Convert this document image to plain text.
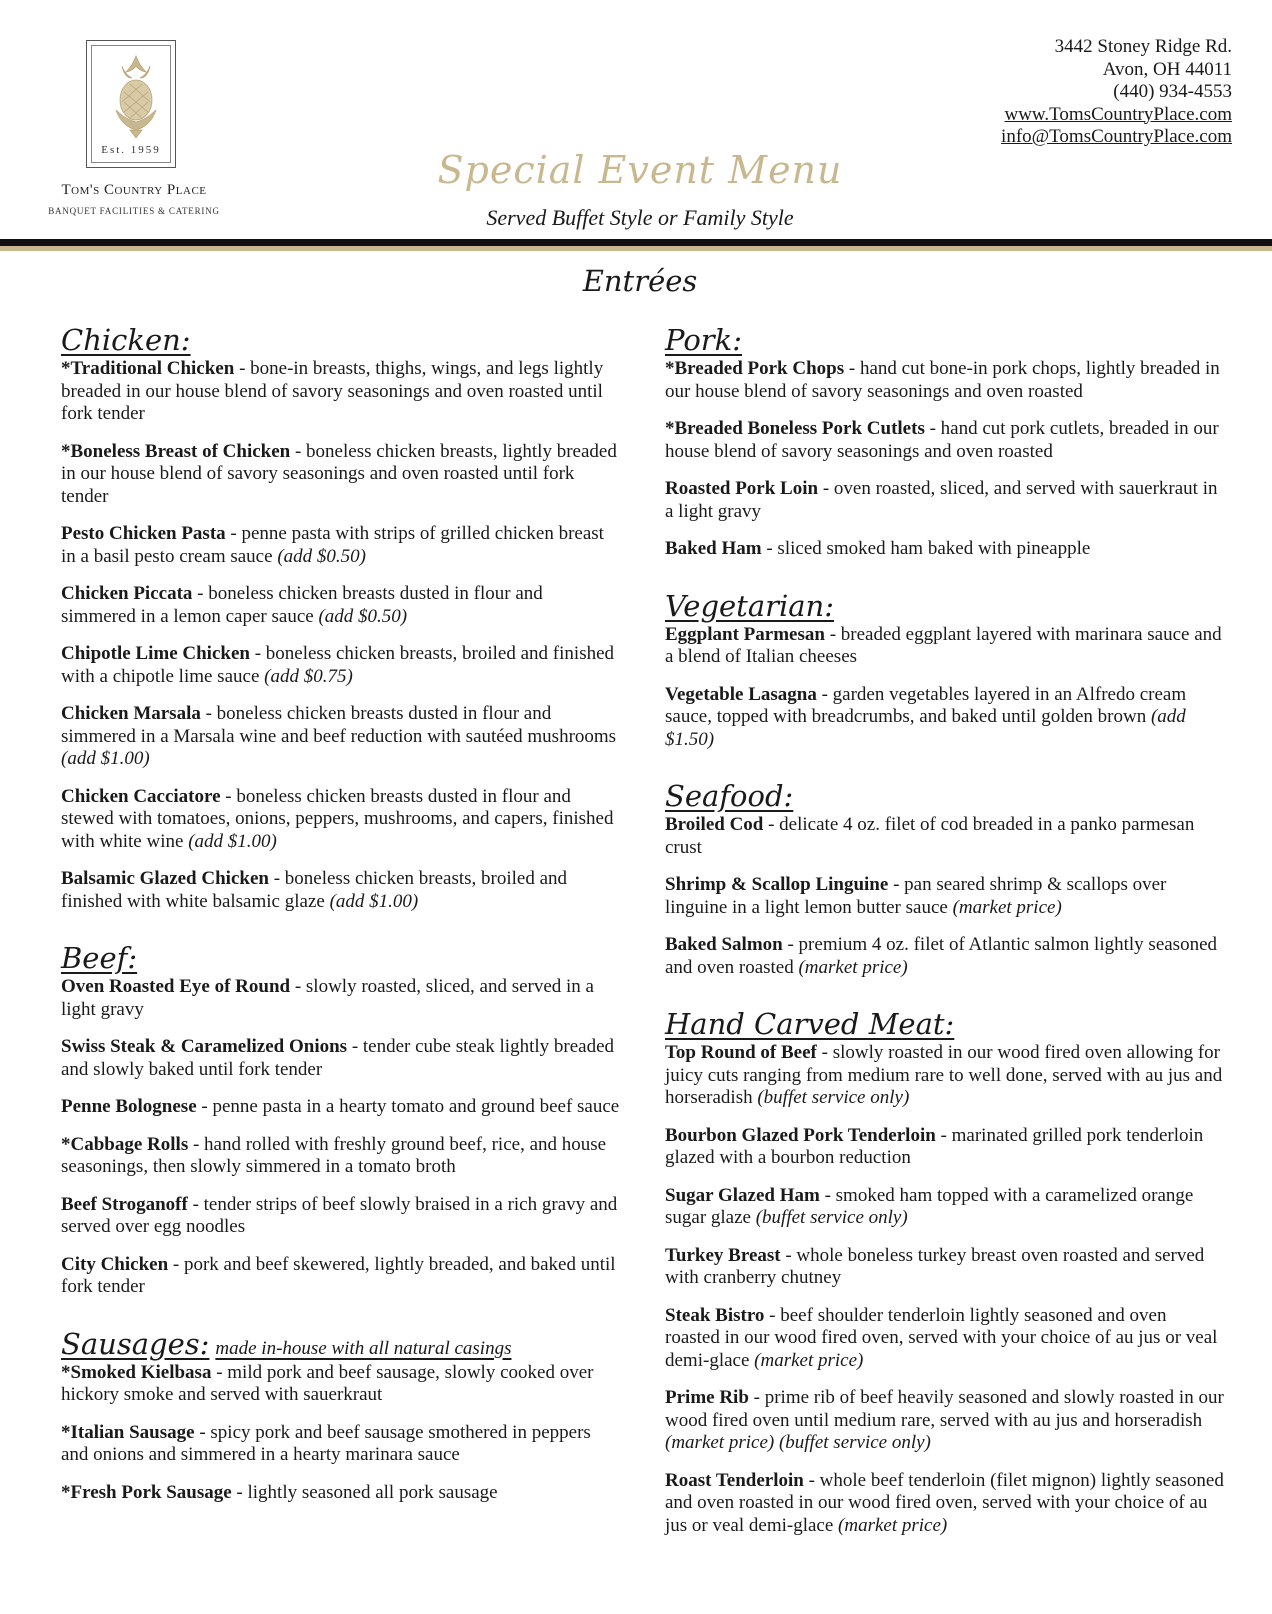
Est. 1959
Tom's Country Place
BANQUET FACILITIES & CATERING
3442 Stoney Ridge Rd.
Avon, OH 44011
(440) 934-4553
www.TomsCountryPlace.com
info@TomsCountryPlace.com
Special Event Menu
Served Buffet Style or Family Style
Entrées
Chicken:

*Traditional Chicken - bone-in breasts, thighs, wings, and legs lightly breaded in our house blend of savory seasonings and oven roasted until fork tender

*Boneless Breast of Chicken - boneless chicken breasts, lightly breaded in our house blend of savory seasonings and oven roasted until fork tender

Pesto Chicken Pasta - penne pasta with strips of grilled chicken breast in a basil pesto cream sauce (add $0.50)

Chicken Piccata - boneless chicken breasts dusted in flour and simmered in a lemon caper sauce (add $0.50)

Chipotle Lime Chicken - boneless chicken breasts, broiled and finished with a chipotle lime sauce (add $0.75)

Chicken Marsala - boneless chicken breasts dusted in flour and simmered in a Marsala wine and beef reduction with sautéed mushrooms (add $1.00)

Chicken Cacciatore - boneless chicken breasts dusted in flour and stewed with tomatoes, onions, peppers, mushrooms, and capers, finished with white wine (add $1.00)

Balsamic Glazed Chicken - boneless chicken breasts, broiled and finished with white balsamic glaze (add $1.00)

Beef:

Oven Roasted Eye of Round - slowly roasted, sliced, and served in a light gravy

Swiss Steak & Caramelized Onions - tender cube steak lightly breaded and slowly baked until fork tender

Penne Bolognese - penne pasta in a hearty tomato and ground beef sauce

*Cabbage Rolls - hand rolled with freshly ground beef, rice, and house seasonings, then slowly simmered in a tomato broth

Beef Stroganoff - tender strips of beef slowly braised in a rich gravy and served over egg noodles

City Chicken - pork and beef skewered, lightly breaded, and baked until fork tender

Sausages: made in-house with all natural casings

*Smoked Kielbasa - mild pork and beef sausage, slowly cooked over hickory smoke and served with sauerkraut

*Italian Sausage - spicy pork and beef sausage smothered in peppers and onions and simmered in a hearty marinara sauce

*Fresh Pork Sausage - lightly seasoned all pork sausage

Pork:

*Breaded Pork Chops - hand cut bone-in pork chops, lightly breaded in our house blend of savory seasonings and oven roasted

*Breaded Boneless Pork Cutlets - hand cut pork cutlets, breaded in our house blend of savory seasonings and oven roasted

Roasted Pork Loin - oven roasted, sliced, and served with sauerkraut in a light gravy

Baked Ham - sliced smoked ham baked with pineapple

Vegetarian:

Eggplant Parmesan - breaded eggplant layered with marinara sauce and a blend of Italian cheeses

Vegetable Lasagna - garden vegetables layered in an Alfredo cream sauce, topped with breadcrumbs, and baked until golden brown (add $1.50)

Seafood:

Broiled Cod - delicate 4 oz. filet of cod breaded in a panko parmesan crust

Shrimp & Scallop Linguine - pan seared shrimp & scallops over linguine in a light lemon butter sauce (market price)

Baked Salmon - premium 4 oz. filet of Atlantic salmon lightly seasoned and oven roasted (market price)

Hand Carved Meat:

Top Round of Beef - slowly roasted in our wood fired oven allowing for juicy cuts ranging from medium rare to well done, served with au jus and horseradish (buffet service only)

Bourbon Glazed Pork Tenderloin - marinated grilled pork tenderloin glazed with a bourbon reduction

Sugar Glazed Ham - smoked ham topped with a caramelized orange sugar glaze (buffet service only)

Turkey Breast - whole boneless turkey breast oven roasted and served with cranberry chutney

Steak Bistro - beef shoulder tenderloin lightly seasoned and oven roasted in our wood fired oven, served with your choice of au jus or veal demi-glace (market price)

Prime Rib - prime rib of beef heavily seasoned and slowly roasted in our wood fired oven until medium rare, served with au jus and horseradish (market price) (buffet service only)

Roast Tenderloin - whole beef tenderloin (filet mignon) lightly seasoned and oven roasted in our wood fired oven, served with your choice of au jus or veal demi-glace (market price)
